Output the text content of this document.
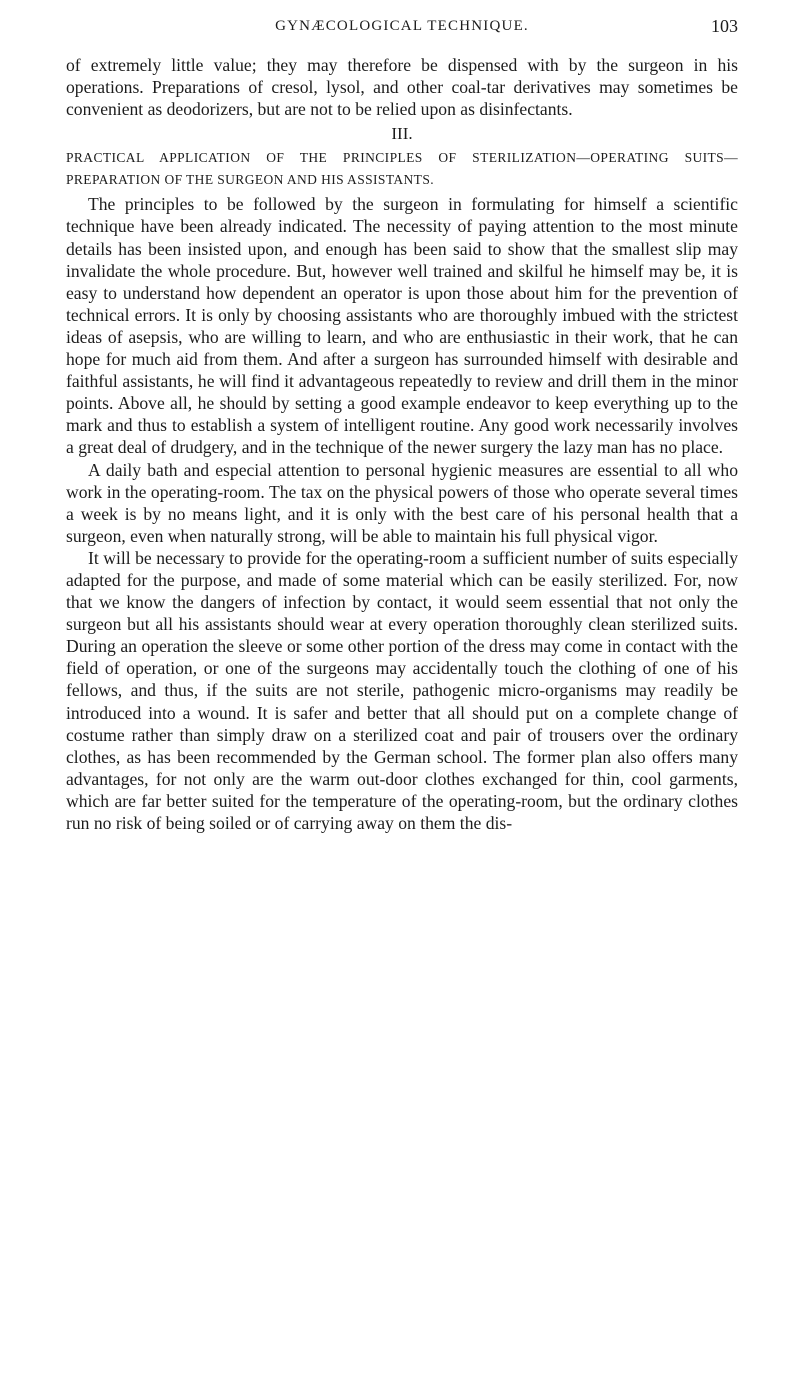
GYNÆCOLOGICAL TECHNIQUE.	103

of extremely little value; they may therefore be dispensed with by the surgeon in his operations. Preparations of cresol, lysol, and other coal-tar derivatives may sometimes be convenient as deodorizers, but are not to be relied upon as disinfectants.

III.
PRACTICAL APPLICATION OF THE PRINCIPLES OF STERILIZATION—OPERATING SUITS—PREPARATION OF THE SURGEON AND HIS ASSISTANTS.

The principles to be followed by the surgeon in formulating for himself a scientific technique have been already indicated. The necessity of paying attention to the most minute details has been insisted upon, and enough has been said to show that the smallest slip may invalidate the whole procedure. But, however well trained and skilful he himself may be, it is easy to understand how dependent an operator is upon those about him for the prevention of technical errors. It is only by choosing assistants who are thoroughly imbued with the strictest ideas of asepsis, who are willing to learn, and who are enthusiastic in their work, that he can hope for much aid from them. And after a surgeon has surrounded himself with desirable and faithful assistants, he will find it advantageous repeatedly to review and drill them in the minor points. Above all, he should by setting a good example endeavor to keep everything up to the mark and thus to establish a system of intelligent routine. Any good work necessarily involves a great deal of drudgery, and in the technique of the newer surgery the lazy man has no place.

A daily bath and especial attention to personal hygienic measures are essential to all who work in the operating-room. The tax on the physical powers of those who operate several times a week is by no means light, and it is only with the best care of his personal health that a surgeon, even when naturally strong, will be able to maintain his full physical vigor.

It will be necessary to provide for the operating-room a sufficient number of suits especially adapted for the purpose, and made of some material which can be easily sterilized. For, now that we know the dangers of infection by contact, it would seem essential that not only the surgeon but all his assistants should wear at every operation thoroughly clean sterilized suits. During an operation the sleeve or some other portion of the dress may come in contact with the field of operation, or one of the surgeons may accidentally touch the clothing of one of his fellows, and thus, if the suits are not sterile, pathogenic micro-organisms may readily be introduced into a wound. It is safer and better that all should put on a complete change of costume rather than simply draw on a sterilized coat and pair of trousers over the ordinary clothes, as has been recommended by the German school. The former plan also offers many advantages, for not only are the warm out-door clothes exchanged for thin, cool garments, which are far better suited for the temperature of the operating-room, but the ordinary clothes run no risk of being soiled or of carrying away on them the dis-
